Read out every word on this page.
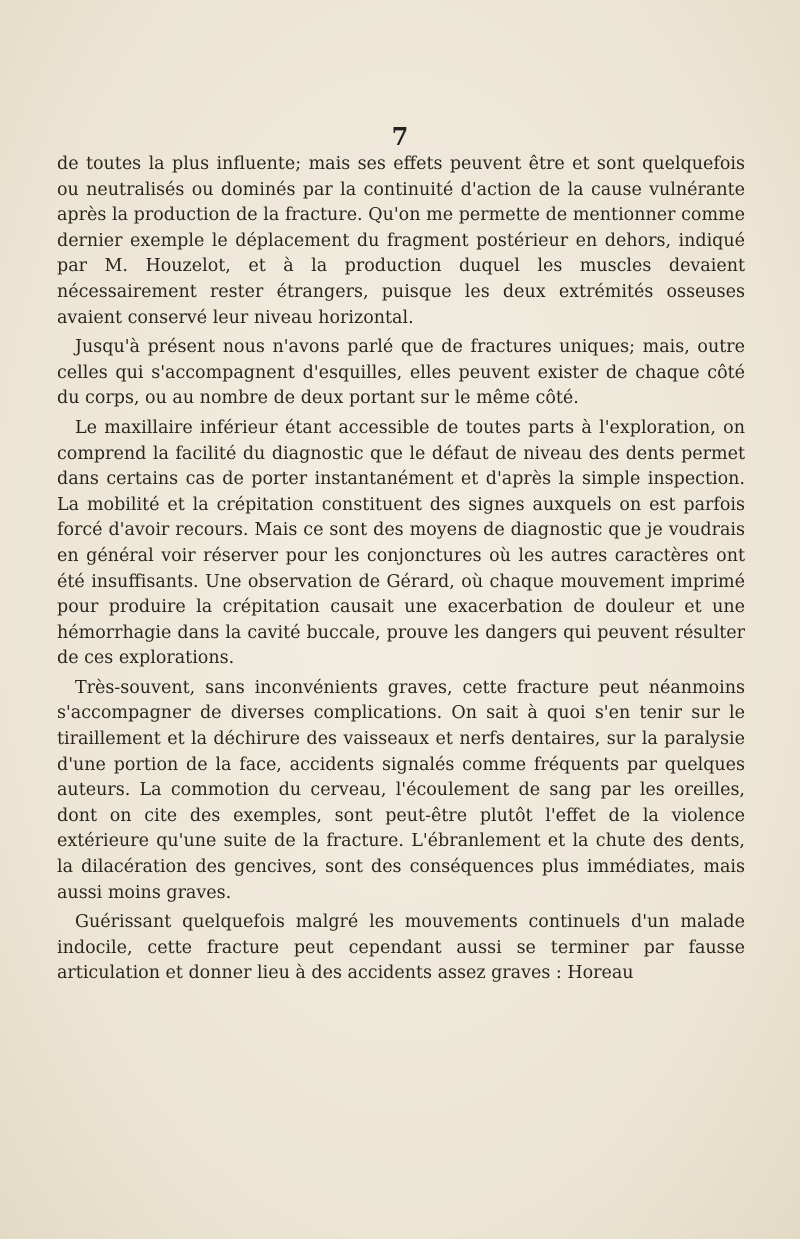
7

de toutes la plus influente; mais ses effets peuvent être et sont quelquefois ou neutralisés ou dominés par la continuité d'action de la cause vulnérante après la production de la fracture. Qu'on me permette de mentionner comme dernier exemple le déplacement du fragment postérieur en dehors, indiqué par M. Houzelot, et à la production duquel les muscles devaient nécessairement rester étrangers, puisque les deux extrémités osseuses avaient conservé leur niveau horizontal.

Jusqu'à présent nous n'avons parlé que de fractures uniques; mais, outre celles qui s'accompagnent d'esquilles, elles peuvent exister de chaque côté du corps, ou au nombre de deux portant sur le même côté.

Le maxillaire inférieur étant accessible de toutes parts à l'exploration, on comprend la facilité du diagnostic que le défaut de niveau des dents permet dans certains cas de porter instantanément et d'après la simple inspection. La mobilité et la crépitation constituent des signes auxquels on est parfois forcé d'avoir recours. Mais ce sont des moyens de diagnostic que je voudrais en général voir réserver pour les conjonctures où les autres caractères ont été insuffisants. Une observation de Gérard, où chaque mouvement imprimé pour produire la crépitation causait une exacerbation de douleur et une hémorrhagie dans la cavité buccale, prouve les dangers qui peuvent résulter de ces explorations.

Très-souvent, sans inconvénients graves, cette fracture peut néanmoins s'accompagner de diverses complications. On sait à quoi s'en tenir sur le tiraillement et la déchirure des vaisseaux et nerfs dentaires, sur la paralysie d'une portion de la face, accidents signalés comme fréquents par quelques auteurs. La commotion du cerveau, l'écoulement de sang par les oreilles, dont on cite des exemples, sont peut-être plutôt l'effet de la violence extérieure qu'une suite de la fracture. L'ébranlement et la chute des dents, la dilacération des gencives, sont des conséquences plus immédiates, mais aussi moins graves.

Guérissant quelquefois malgré les mouvements continuels d'un malade indocile, cette fracture peut cependant aussi se terminer par fausse articulation et donner lieu à des accidents assez graves : Horeau
